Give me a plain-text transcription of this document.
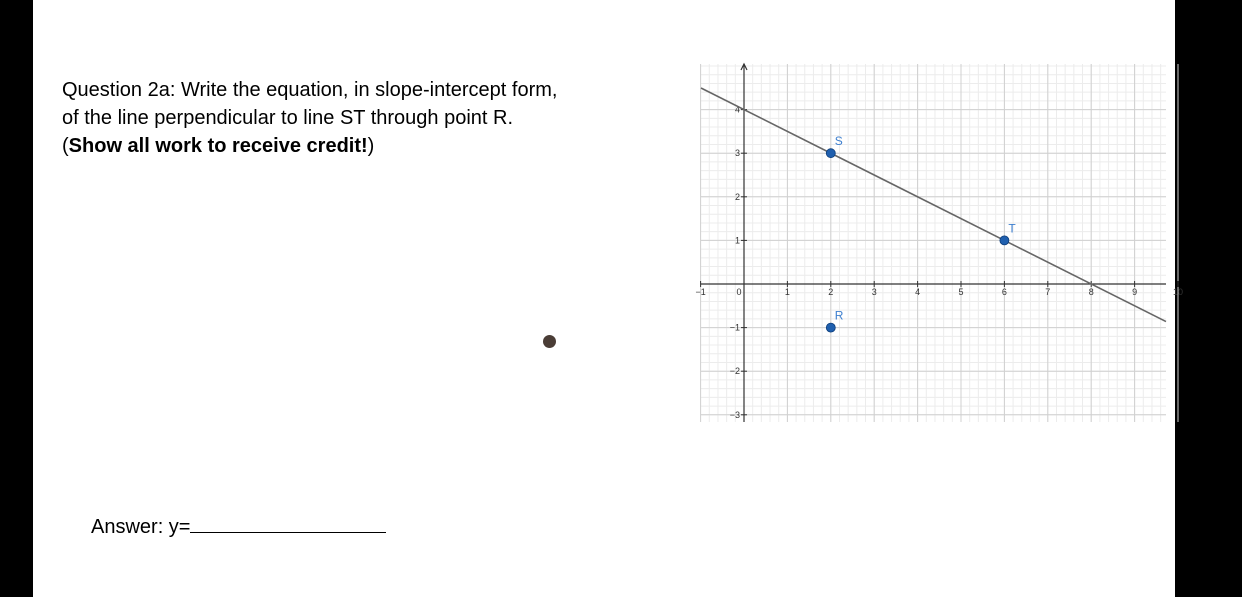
Question 2a: Write the equation, in slope-intercept form,
of the line perpendicular to line ST through point R.
(Show all work to receive credit!)
Answer: y=
−1	0	1	2	3	4	5	6	7	8	9	10
−3
−2
−1
1
2
3
4
S
T
R
